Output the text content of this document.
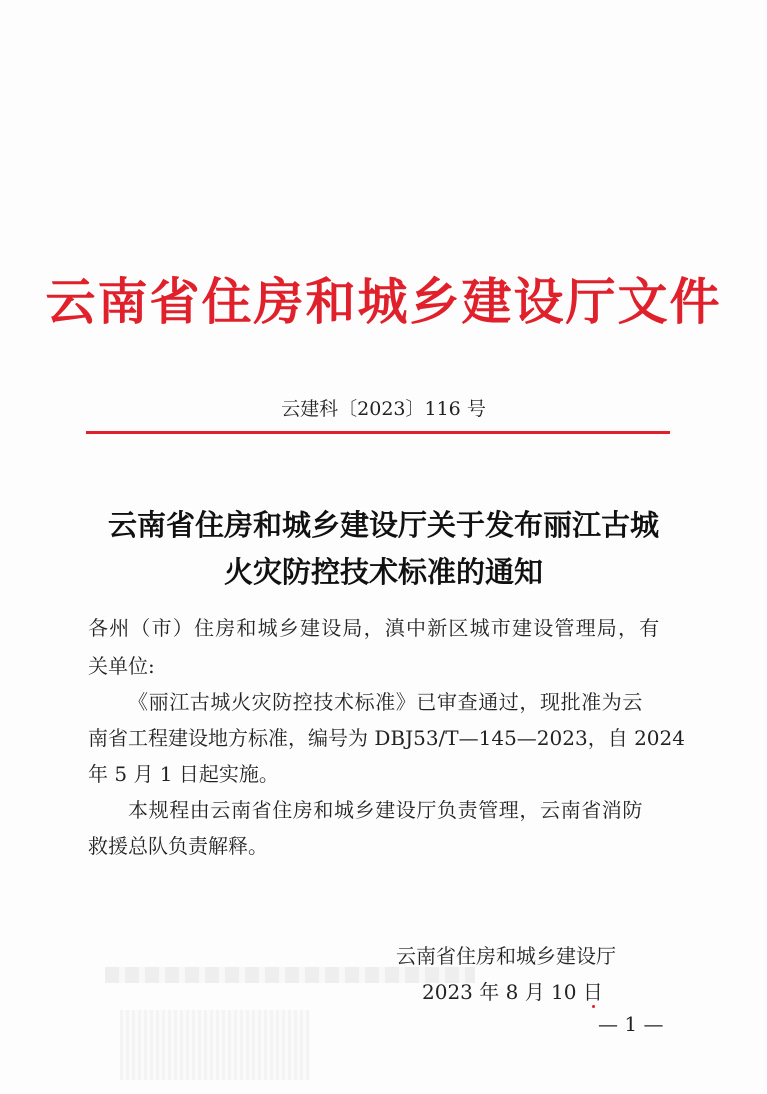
云南省住房和城乡建设厅文件
云建科〔2023〕116 号
云南省住房和城乡建设厅关于发布丽江古城
火灾防控技术标准的通知
各州（市）住房和城乡建设局，滇中新区城市建设管理局，有
关单位:
《丽江古城火灾防控技术标准》已审查通过，现批准为云
南省工程建设地方标准，编号为 DBJ53/T—145—2023，自 2024
年 5 月 1 日起实施。
本规程由云南省住房和城乡建设厅负责管理，云南省消防
救援总队负责解释。
云南省住房和城乡建设厅
2023 年 8 月 10 日
— 1 —
